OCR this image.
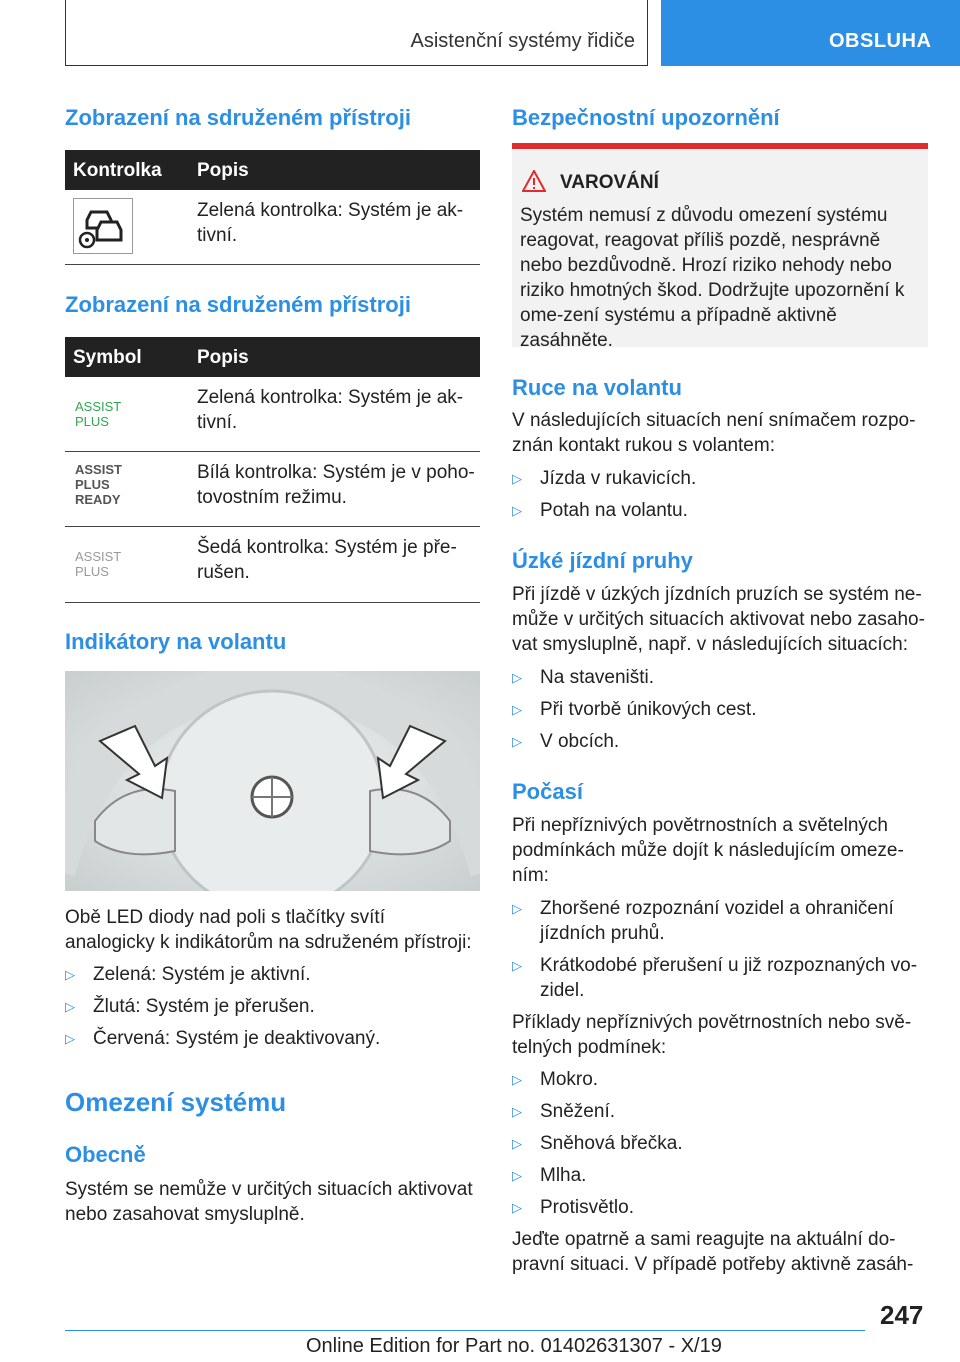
Asistenční systémy řidiče	OBSLUHA
Zobrazení na sdruženém přístroji
Kontrolka Popis
Zelená kontrolka: Systém je ak-tivní.
Zobrazení na sdruženém přístroji
Symbol	Popis
ASSIST
PLUS
Zelená kontrolka: Systém je ak-tivní.
ASSIST
PLUS
READY
Bílá kontrolka: Systém je v poho-tovostním režimu.
ASSIST
PLUS
Šedá kontrolka: Systém je pře-rušen.
Indikátory na volantu
Obě LED diody nad poli s tlačítky svítí analogicky k indikátorům na sdruženém přístroji:
▷ Zelená: Systém je aktivní.
▷ Žlutá: Systém je přerušen.
▷ Červená: Systém je deaktivovaný.
Omezení systému
Obecně
Systém se nemůže v určitých situacích aktivovat nebo zasahovat smysluplně.
Bezpečnostní upozornění
VAROVÁNÍ
Systém nemusí z důvodu omezení systému reagovat, reagovat příliš pozdě, nesprávně nebo bezdůvodně. Hrozí riziko nehody nebo riziko hmotných škod. Dodržujte upozornění k ome-zení systému a případně aktivně zasáhněte.
Ruce na volantu
V následujících situacích není snímačem rozpo-znán kontakt rukou s volantem:
▷ Jízda v rukavicích.
▷ Potah na volantu.
Úzké jízdní pruhy
Při jízdě v úzkých jízdních pruzích se systém ne-může v určitých situacích aktivovat nebo zasaho-vat smysluplně, např. v následujících situacích:
▷ Na staveništi.
▷ Při tvorbě únikových cest.
▷ V obcích.
Počasí
Při nepříznivých povětrnostních a světelných podmínkách může dojít k následujícím omeze-ním:
▷ Zhoršené rozpoznání vozidel a ohraničení
jízdních pruhů.
▷ Krátkodobé přerušení u již rozpoznaných vo-
zidel.
Příklady nepříznivých povětrnostních nebo svě-telných podmínek:
▷ Mokro.
▷ Sněžení.
▷ Sněhová břečka.
▷ Mlha.
▷ Protisvětlo.
Jeďte opatrně a sami reagujte na aktuální do-pravní situaci. V případě potřeby aktivně zasáh-
247
Online Edition for Part no. 01402631307 - X/19
